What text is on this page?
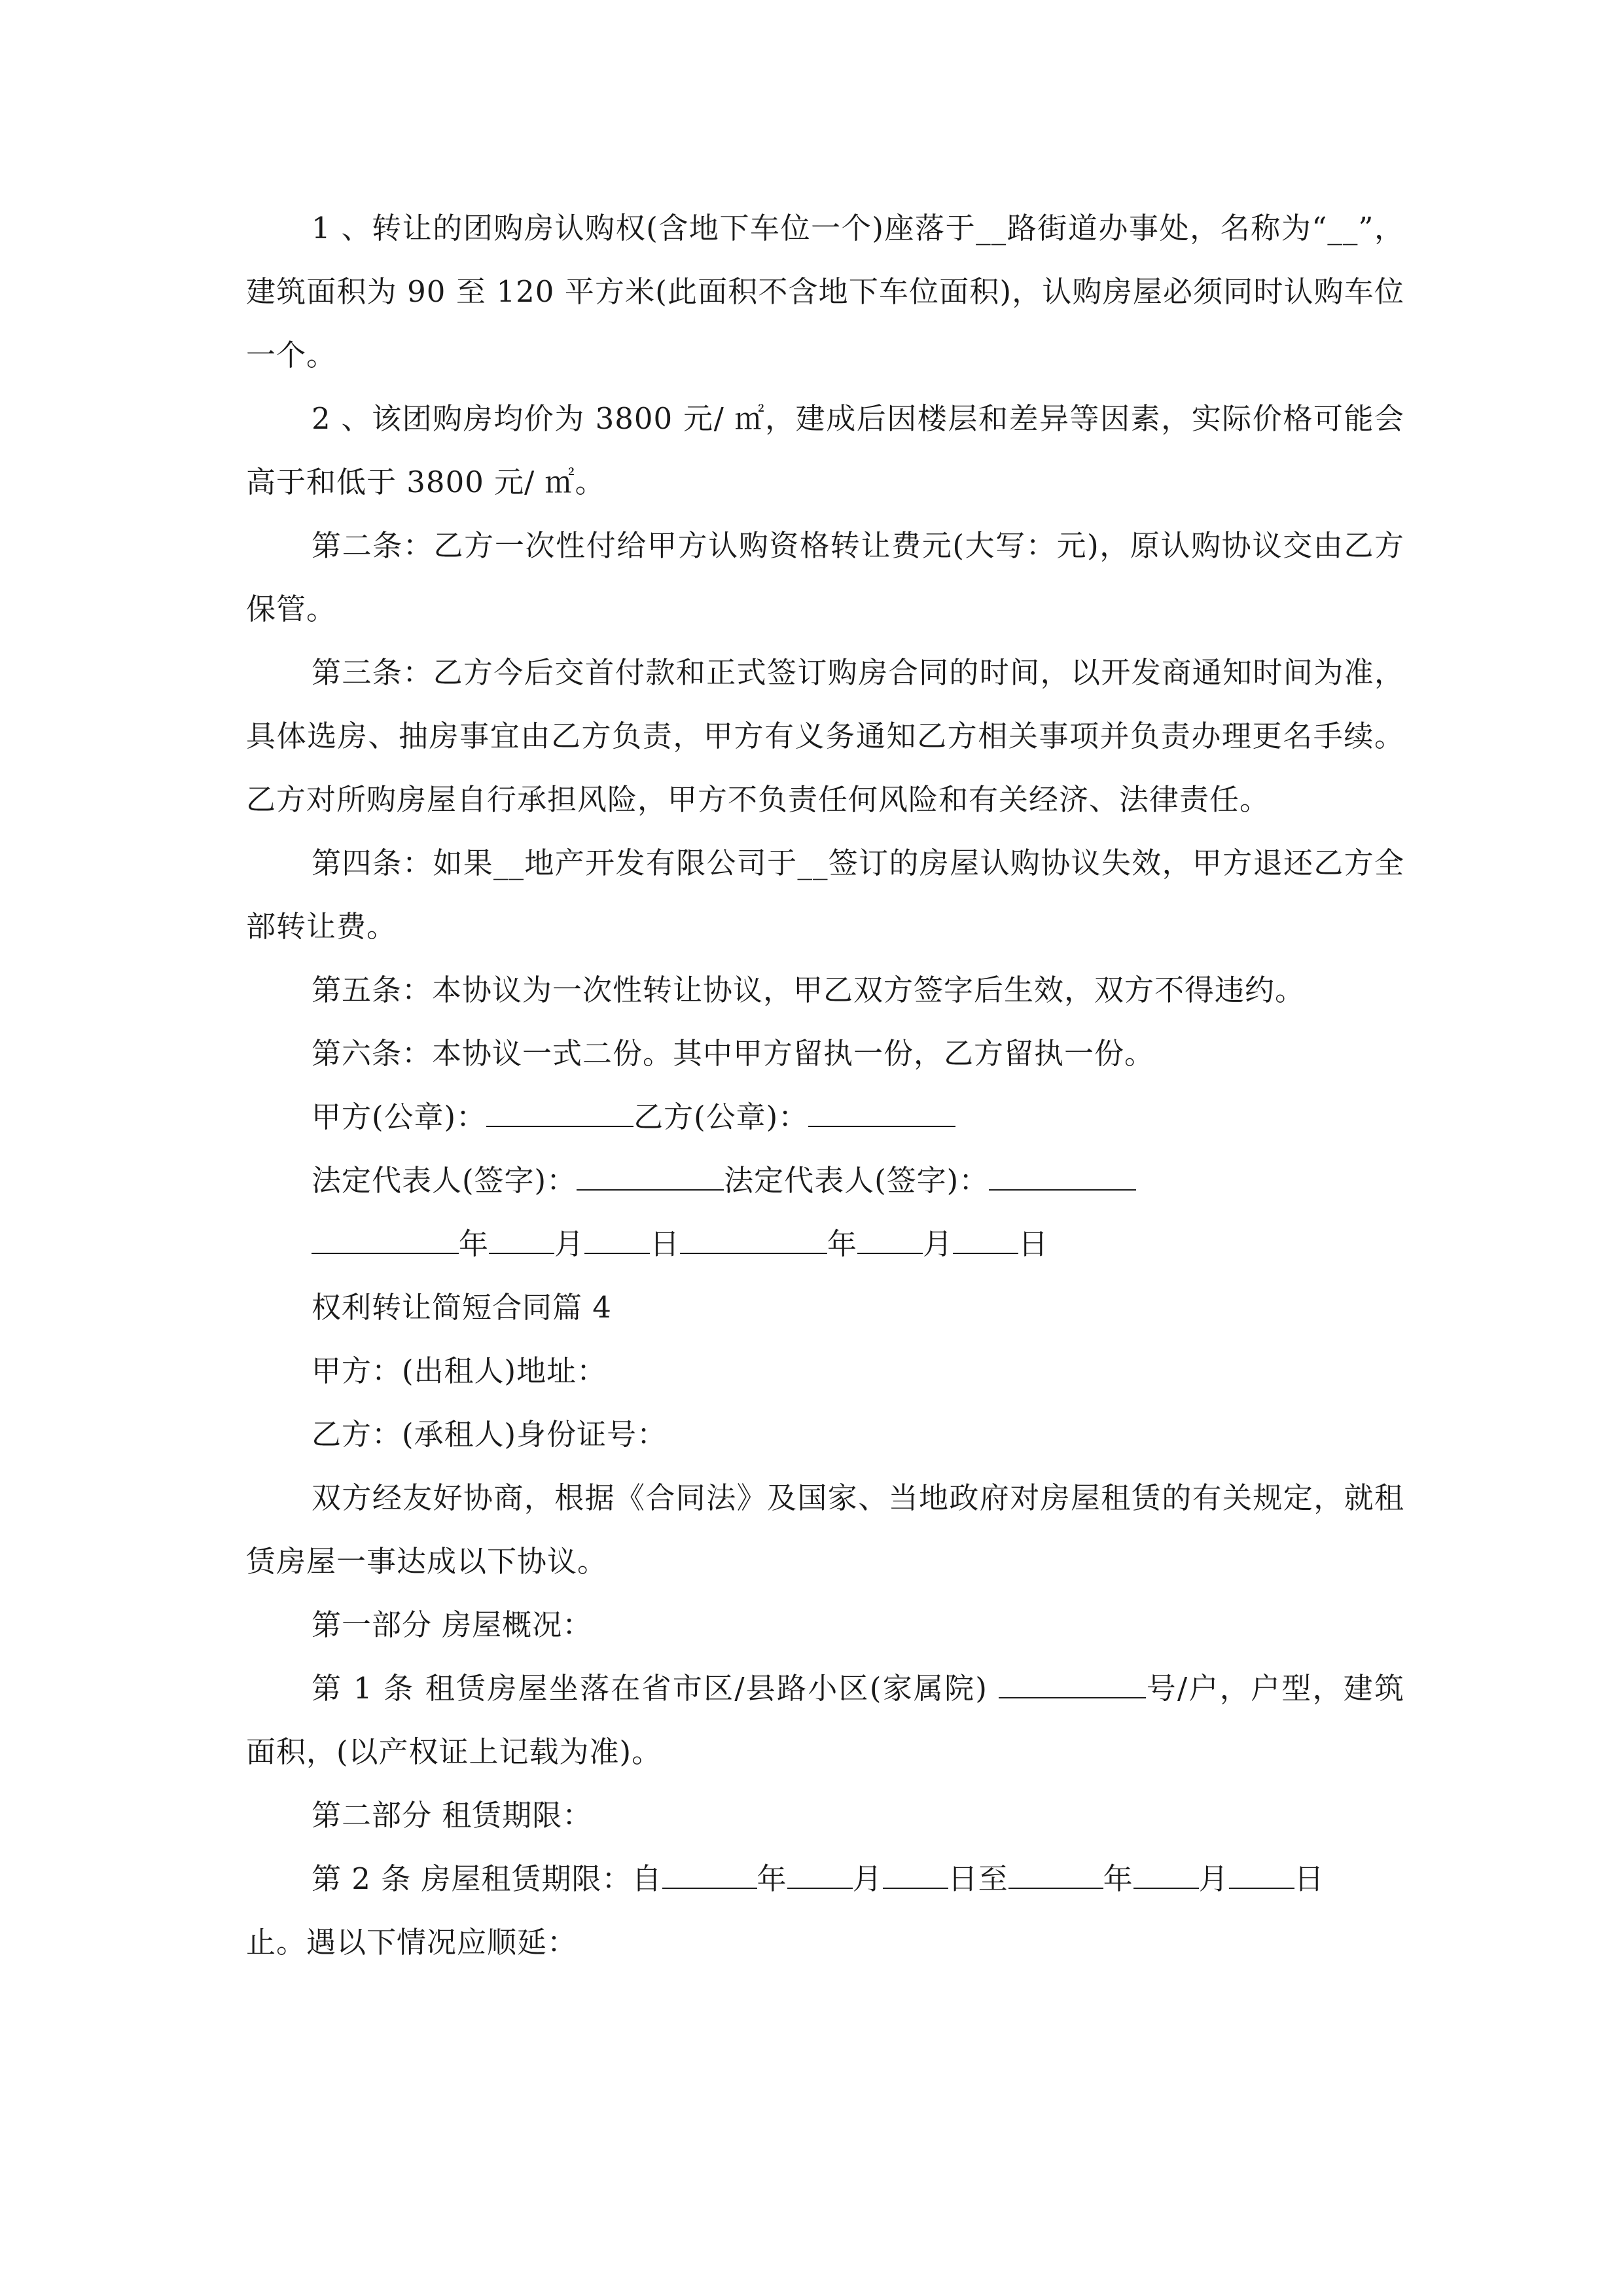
1 、转让的团购房认购权(含地下车位一个)座落于__路街道办事处，名称为“__”，建筑面积为 90 至 120 平方米(此面积不含地下车位面积)，认购房屋必须同时认购车位一个。

2 、该团购房均价为 3800 元/ ㎡，建成后因楼层和差异等因素，实际价格可能会高于和低于 3800 元/ ㎡。

第二条：乙方一次性付给甲方认购资格转让费元(大写：元)，原认购协议交由乙方保管。

第三条：乙方今后交首付款和正式签订购房合同的时间，以开发商通知时间为准，具体选房、抽房事宜由乙方负责，甲方有义务通知乙方相关事项并负责办理更名手续。乙方对所购房屋自行承担风险，甲方不负责任何风险和有关经济、法律责任。

第四条：如果__地产开发有限公司于__签订的房屋认购协议失效，甲方退还乙方全部转让费。

第五条：本协议为一次性转让协议，甲乙双方签字后生效，双方不得违约。

第六条：本协议一式二份。其中甲方留执一份，乙方留执一份。

甲方(公章)：	乙方(公章)：

法定代表人(签字)：	法定代表人(签字)：

年 月 日	年 月 日

权利转让简短合同篇 4

甲方：(出租人)地址：

乙方：(承租人)身份证号：

双方经友好协商，根据《合同法》及国家、当地政府对房屋租赁的有关规定，就租赁房屋一事达成以下协议。

第一部分 房屋概况：

第 1 条 租赁房屋坐落在省市区/县路小区(家属院)	号/户，户型，建筑面积，(以产权证上记载为准)。

第二部分 租赁期限：

第 2 条 房屋租赁期限：自	年 月 日至	年 月 日

止。遇以下情况应顺延：
